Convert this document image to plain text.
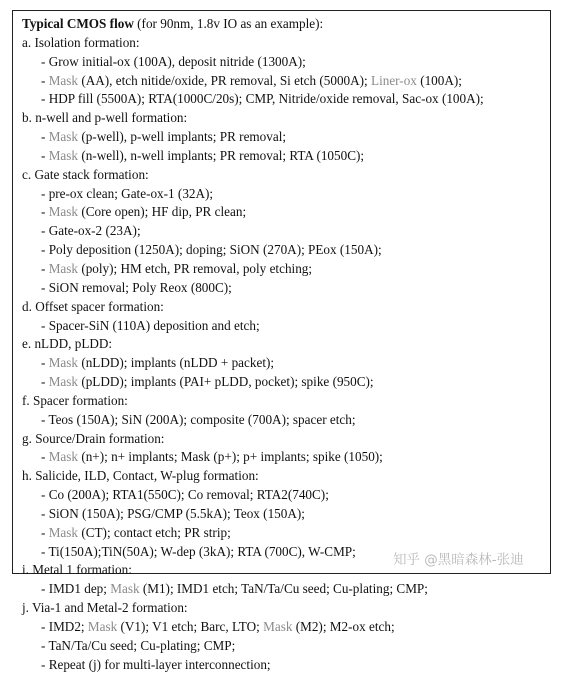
Typical CMOS flow (for 90nm, 1.8v IO as an example):
a. Isolation formation:
- Grow initial-ox (100A), deposit nitride (1300A);
- Mask (AA), etch nitide/oxide, PR removal, Si etch (5000A); Liner-ox (100A);
- HDP fill (5500A); RTA(1000C/20s); CMP, Nitride/oxide removal, Sac-ox (100A);
b. n-well and p-well formation:
- Mask (p-well), p-well implants; PR removal;
- Mask (n-well), n-well implants; PR removal; RTA (1050C);
c. Gate stack formation:
- pre-ox clean; Gate-ox-1 (32A);
- Mask (Core open); HF dip, PR clean;
- Gate-ox-2 (23A);
- Poly deposition (1250A); doping; SiON (270A); PEox (150A);
- Mask (poly); HM etch, PR removal, poly etching;
- SiON removal; Poly Reox (800C);
d. Offset spacer formation:
- Spacer-SiN (110A) deposition and etch;
e. nLDD, pLDD:
- Mask (nLDD); implants (nLDD + packet);
- Mask (pLDD); implants (PAI+ pLDD, pocket); spike (950C);
f. Spacer formation:
- Teos (150A); SiN (200A); composite (700A); spacer etch;
g. Source/Drain formation:
- Mask (n+); n+ implants; Mask (p+); p+ implants; spike (1050);
h. Salicide, ILD, Contact, W-plug formation:
- Co (200A); RTA1(550C); Co removal; RTA2(740C);
- SiON (150A); PSG/CMP (5.5kA); Teox (150A);
- Mask (CT); contact etch; PR strip;
- Ti(150A);TiN(50A); W-dep (3kA); RTA (700C), W-CMP;
i. Metal 1 formation:
- IMD1 dep; Mask (M1); IMD1 etch; TaN/Ta/Cu seed; Cu-plating; CMP;
j. Via-1 and Metal-2 formation:
- IMD2; Mask (V1); V1 etch; Barc, LTO; Mask (M2); M2-ox etch;
- TaN/Ta/Cu seed; Cu-plating; CMP;
- Repeat (j) for multi-layer interconnection;
知乎 @黑暗森林-张迪
